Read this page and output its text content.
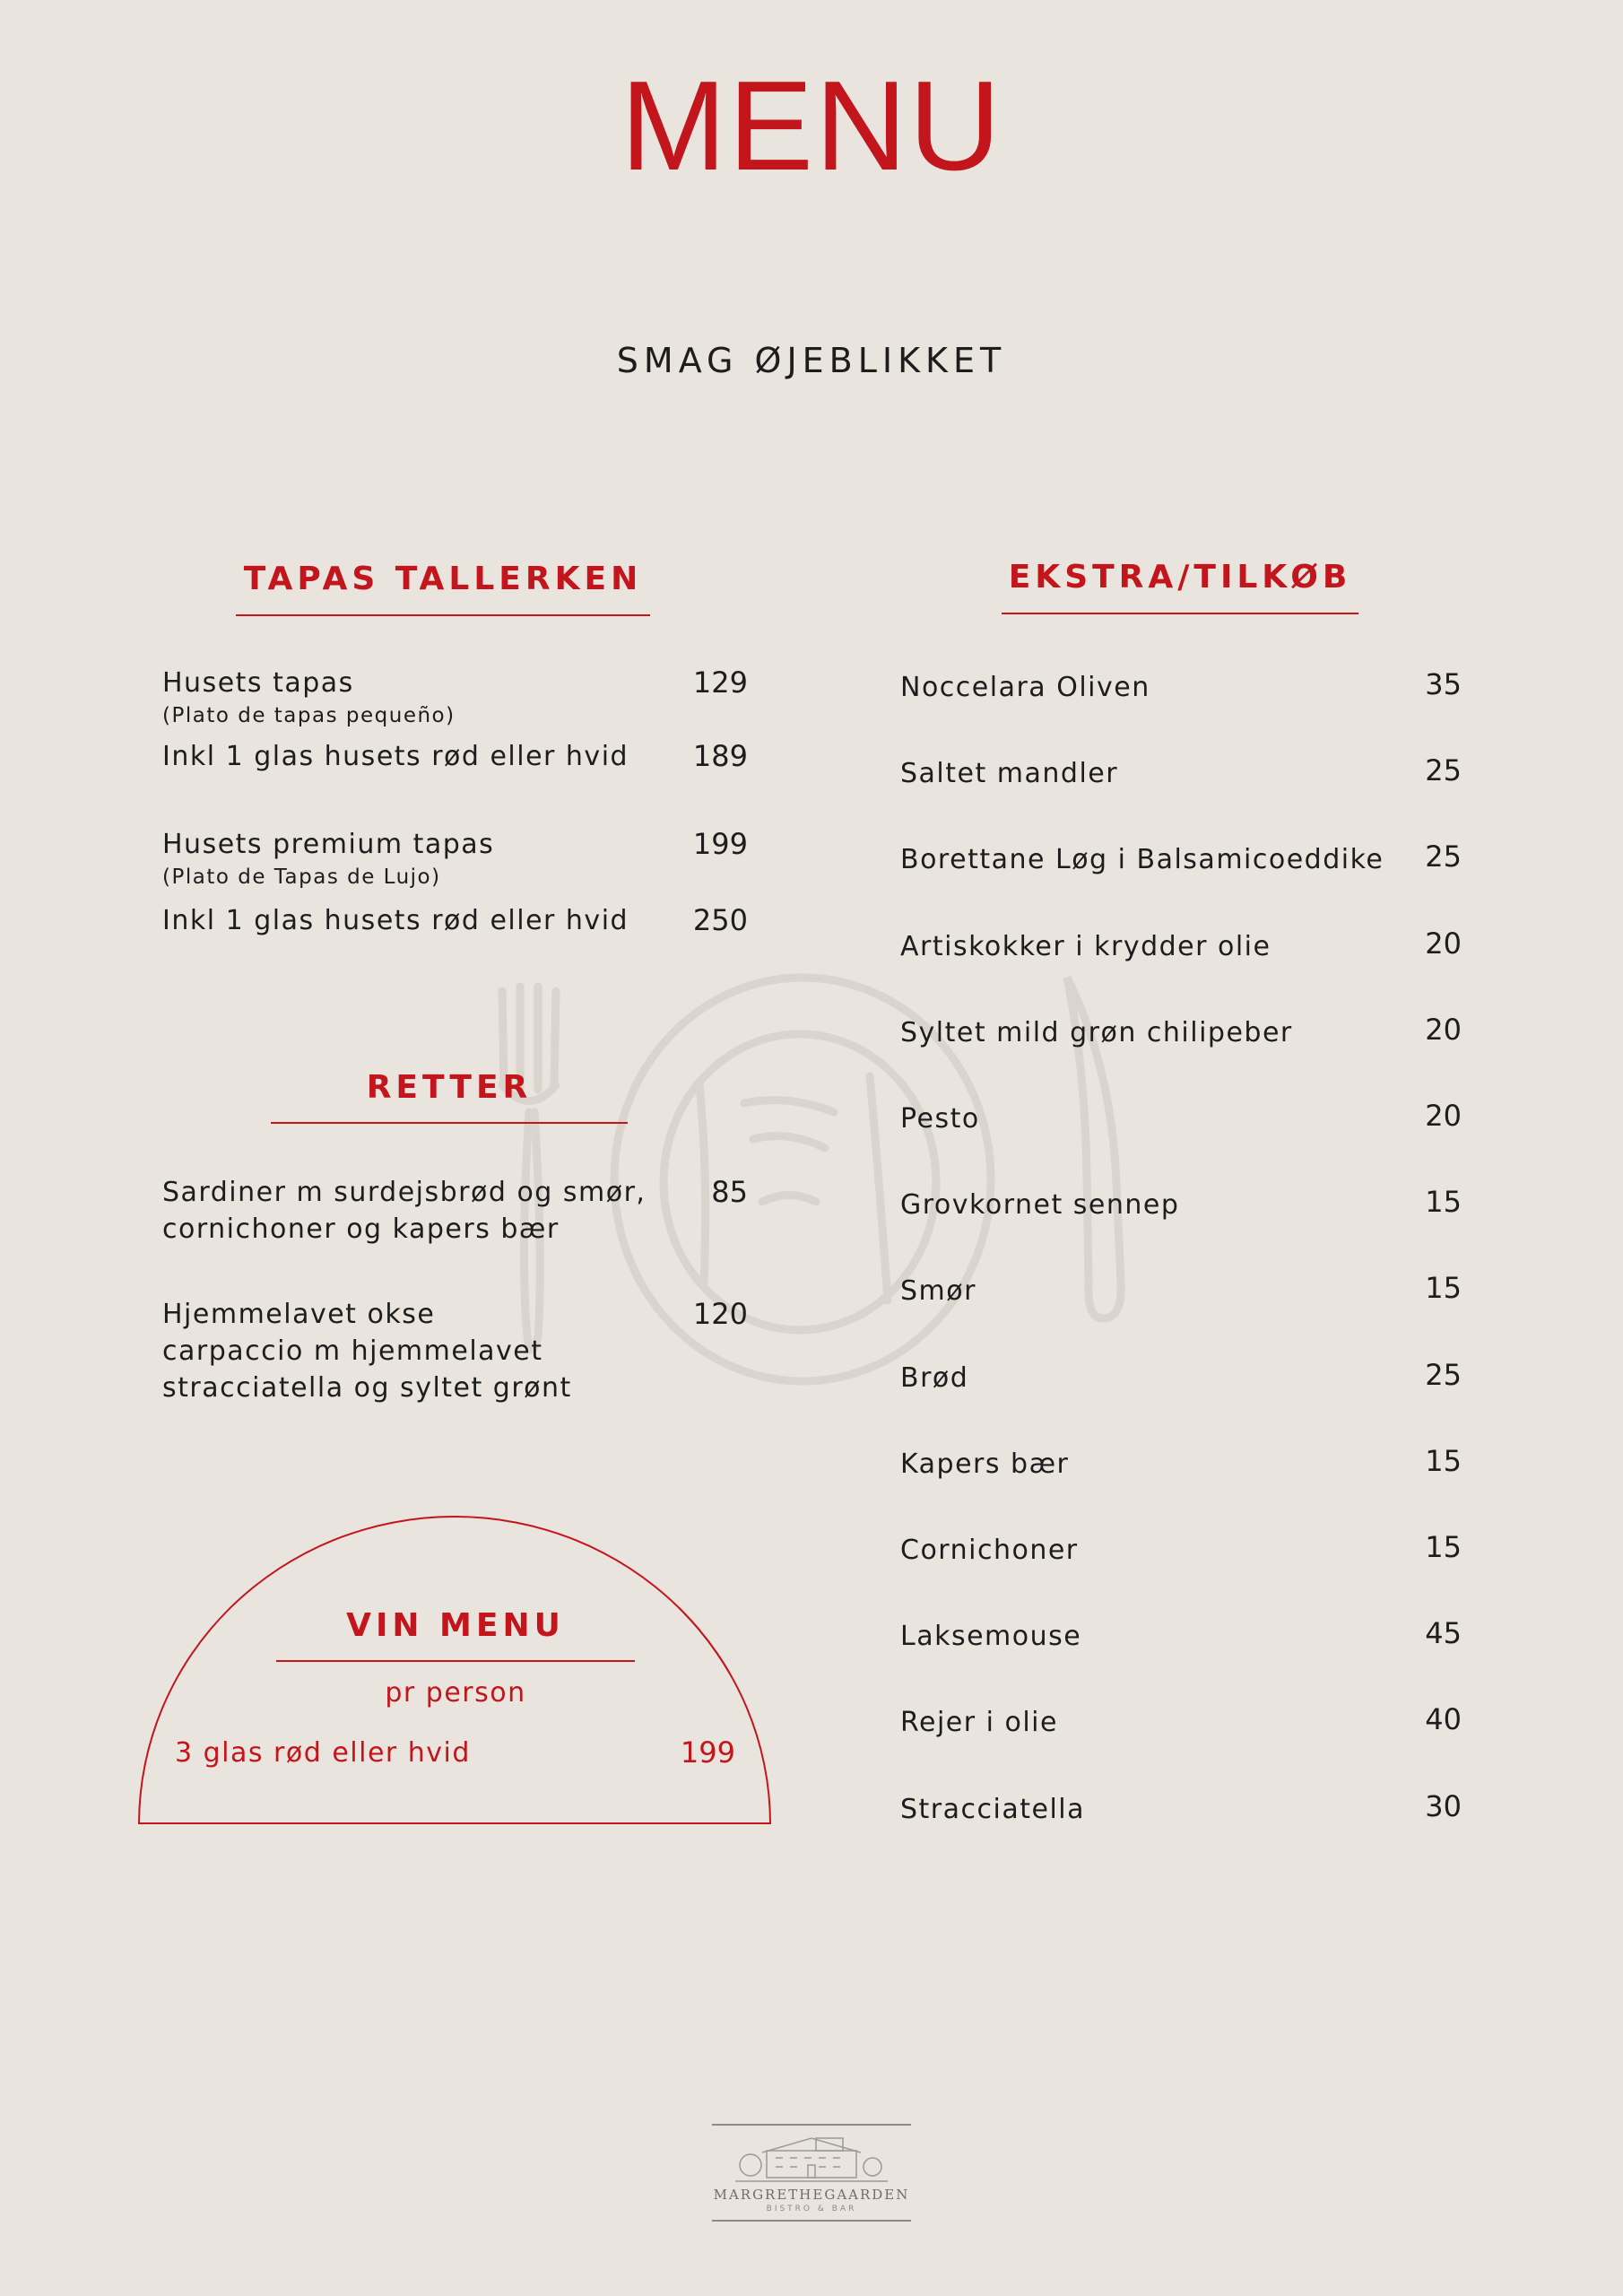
MENU
SMAG ØJEBLIKKET
TAPAS TALLERKEN
Husets tapas	129
(Plato de tapas pequeño)
Inkl 1 glas husets rød eller hvid	189
Husets premium tapas	199
(Plato de Tapas de Lujo)
Inkl 1 glas husets rød eller hvid	250
RETTER
Sardiner m surdejsbrød og smør,
cornichoner og kapers bær
85
Hjemmelavet okse
carpaccio m hjemmelavet
stracciatella og syltet grønt
120
VIN MENU
pr person
3 glas rød eller hvid	199
EKSTRA/TILKØB
Noccelara Oliven	35
Saltet mandler	25
Borettane Løg i Balsamicoeddike	25
Artiskokker i krydder olie	20
Syltet mild grøn chilipeber	20
Pesto	20
Grovkornet sennep	15
Smør	15
Brød	25
Kapers bær	15
Cornichoner	15
Laksemouse	45
Rejer i olie	40
Stracciatella	30
MARGRETHEGAARDEN
BISTRO & BAR
